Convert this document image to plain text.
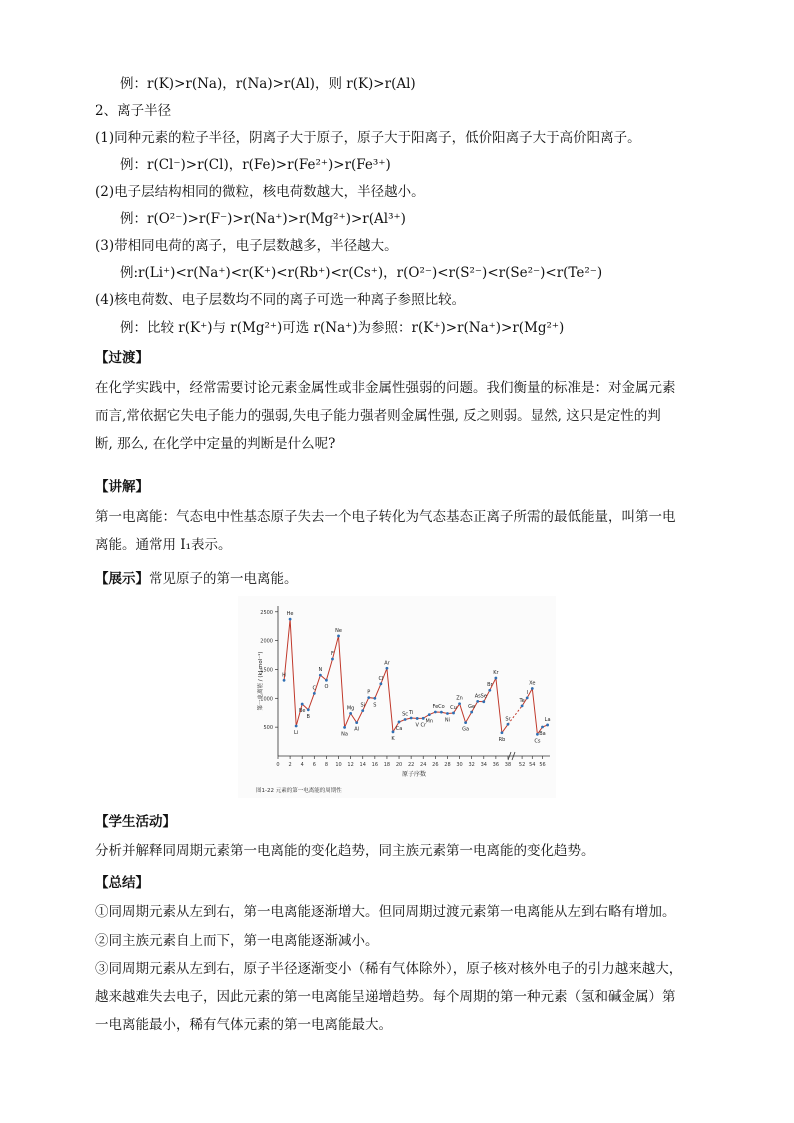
例：r(K)>r(Na)，r(Na)>r(Al)，则 r(K)>r(Al)
2、离子半径
(1)同种元素的粒子半径，阴离子大于原子，原子大于阳离子，低价阳离子大于高价阳离子。
例：r(Cl⁻)>r(Cl)，r(Fe)>r(Fe²⁺)>r(Fe³⁺)
(2)电子层结构相同的微粒，核电荷数越大，半径越小。
例：r(O²⁻)>r(F⁻)>r(Na⁺)>r(Mg²⁺)>r(Al³⁺)
(3)带相同电荷的离子，电子层数越多，半径越大。
例:r(Li⁺)<r(Na⁺)<r(K⁺)<r(Rb⁺)<r(Cs⁺)，r(O²⁻)<r(S²⁻)<r(Se²⁻)<r(Te²⁻)
(4)核电荷数、电子层数均不同的离子可选一种离子参照比较。
例：比较 r(K⁺)与 r(Mg²⁺)可选 r(Na⁺)为参照：r(K⁺)>r(Na⁺)>r(Mg²⁺)
【过渡】
在化学实践中，经常需要讨论元素金属性或非金属性强弱的问题。我们衡量的标准是：对金属元素
而言,常依据它失电子能力的强弱,失电子能力强者则金属性强, 反之则弱。显然, 这只是定性的判
断, 那么, 在化学中定量的判断是什么呢?
【讲解】
第一电离能：气态电中性基态原子失去一个电子转化为气态基态正离子所需的最低能量，叫第一电
离能。通常用 I₁表示。
【展示】常见原子的第一电离能。
500
1000
1500
2000
2500
0 2 4 6 8 10 12 14 16 18 20 22 24 26 28 30 32 34 36 38 52 54 56
原子序数
第一电离能 / (kJ·mol⁻¹)
图1-22 元素的第一电离能的周期性
H
He
Li
Be
B
C
N
O
F
Ne
Na
Mg
Al
Si
P
S
Cl
Ar
K
Ca
Sc Ti
V Cr
Mn
Fe Co
Ni
Cu
Zn
Ga
Ge
As Se
Br
Kr
Rb
Sr
Te
I
Xe
Cs
Ba
La
【学生活动】
分析并解释同周期元素第一电离能的变化趋势，同主族元素第一电离能的变化趋势。
【总结】
①同周期元素从左到右，第一电离能逐渐增大。但同周期过渡元素第一电离能从左到右略有增加。
②同主族元素自上而下，第一电离能逐渐减小。
③同周期元素从左到右，原子半径逐渐变小（稀有气体除外），原子核对核外电子的引力越来越大，
越来越难失去电子，因此元素的第一电离能呈递增趋势。每个周期的第一种元素（氢和碱金属）第
一电离能最小，稀有气体元素的第一电离能最大。
